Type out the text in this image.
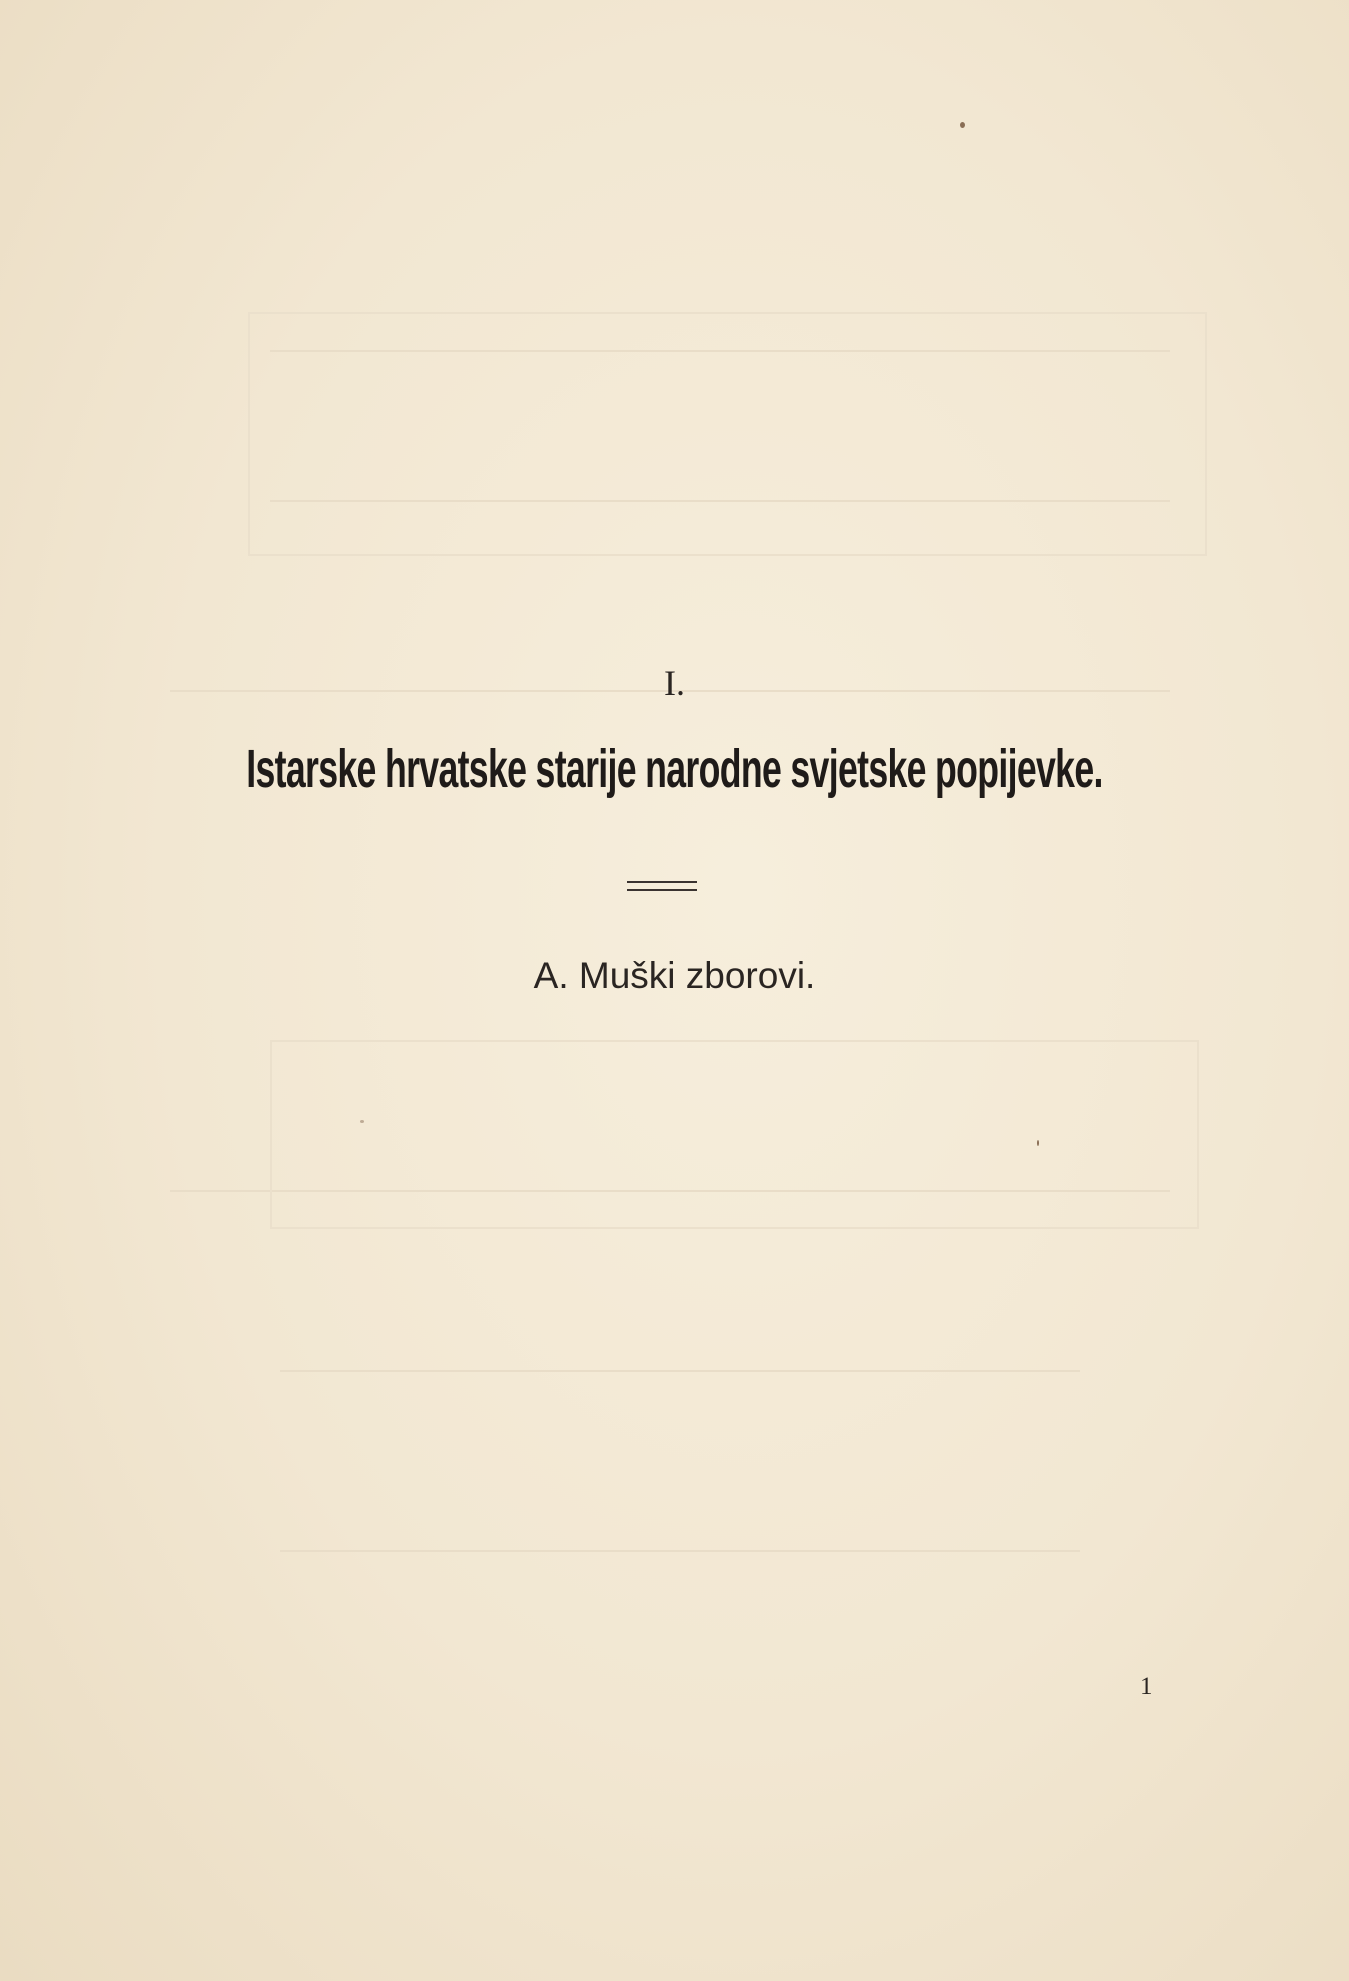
I.
Istarske hrvatske starije narodne svjetske popijevke.
A. Muški zborovi.
1
